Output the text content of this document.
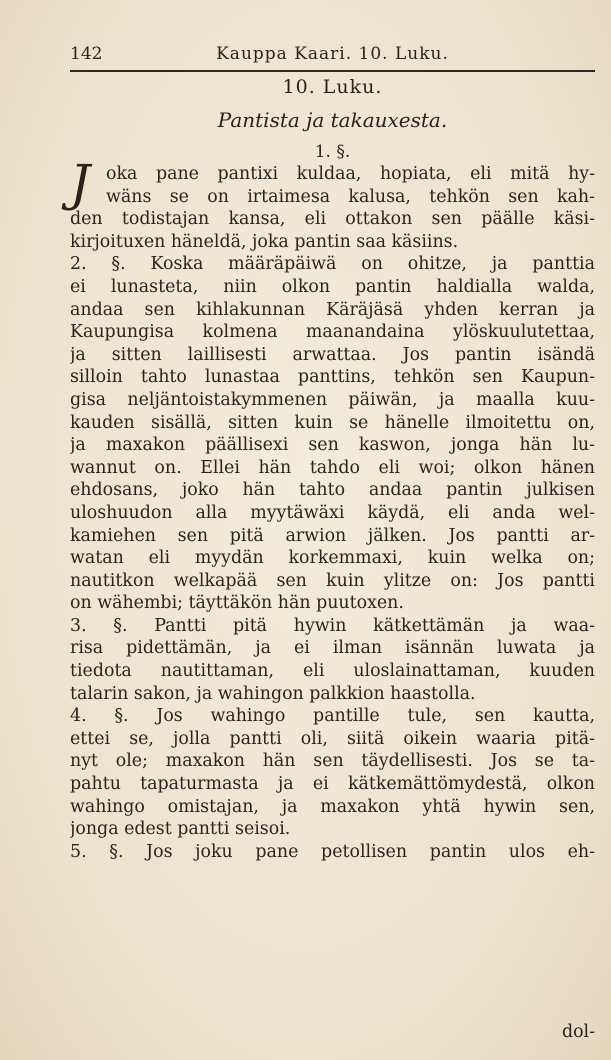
142	Kauppa Kaari. 10. Luku.
10. Luku.
Pantista ja takauxesta.
1. §.
J oka pane pantixi kuldaa, hopiata, eli mitä hy-
wäns se on irtaimesa kalusa, tehkön sen kah-
den todistajan kansa, eli ottakon sen päälle käsi-
kirjoituxen häneldä, joka pantin saa käsiins.
2. §. Koska määräpäiwä on ohitze, ja panttia
ei lunasteta, niin olkon pantin haldialla walda,
andaa sen kihlakunnan Käräjäsä yhden kerran ja
Kaupungisa kolmena maanandaina ylöskuulutettaa,
ja sitten laillisesti arwattaa. Jos pantin isändä
silloin tahto lunastaa panttins, tehkön sen Kaupun-
gisa neljäntoistakymmenen päiwän, ja maalla kuu-
kauden sisällä, sitten kuin se hänelle ilmoitettu on,
ja maxakon päällisexi sen kaswon, jonga hän lu-
wannut on. Ellei hän tahdo eli woi; olkon hänen
ehdosans, joko hän tahto andaa pantin julkisen
uloshuudon alla myytäwäxi käydä, eli anda wel-
kamiehen sen pitä arwion jälken. Jos pantti ar-
watan eli myydän korkemmaxi, kuin welka on;
nautitkon welkapää sen kuin ylitze on: Jos pantti
on wähembi; täyttäkön hän puutoxen.
3. §. Pantti pitä hywin kätkettämän ja waa-
risa pidettämän, ja ei ilman isännän luwata ja
tiedota nautittaman, eli uloslainattaman, kuuden
talarin sakon, ja wahingon palkkion haastolla.
4. §. Jos wahingo pantille tule, sen kautta,
ettei se, jolla pantti oli, siitä oikein waaria pitä-
nyt ole; maxakon hän sen täydellisesti. Jos se ta-
pahtu tapaturmasta ja ei kätkemättömydestä, olkon
wahingo omistajan, ja maxakon yhtä hywin sen,
jonga edest pantti seisoi.
5. §. Jos joku pane petollisen pantin ulos eh-
dol-
